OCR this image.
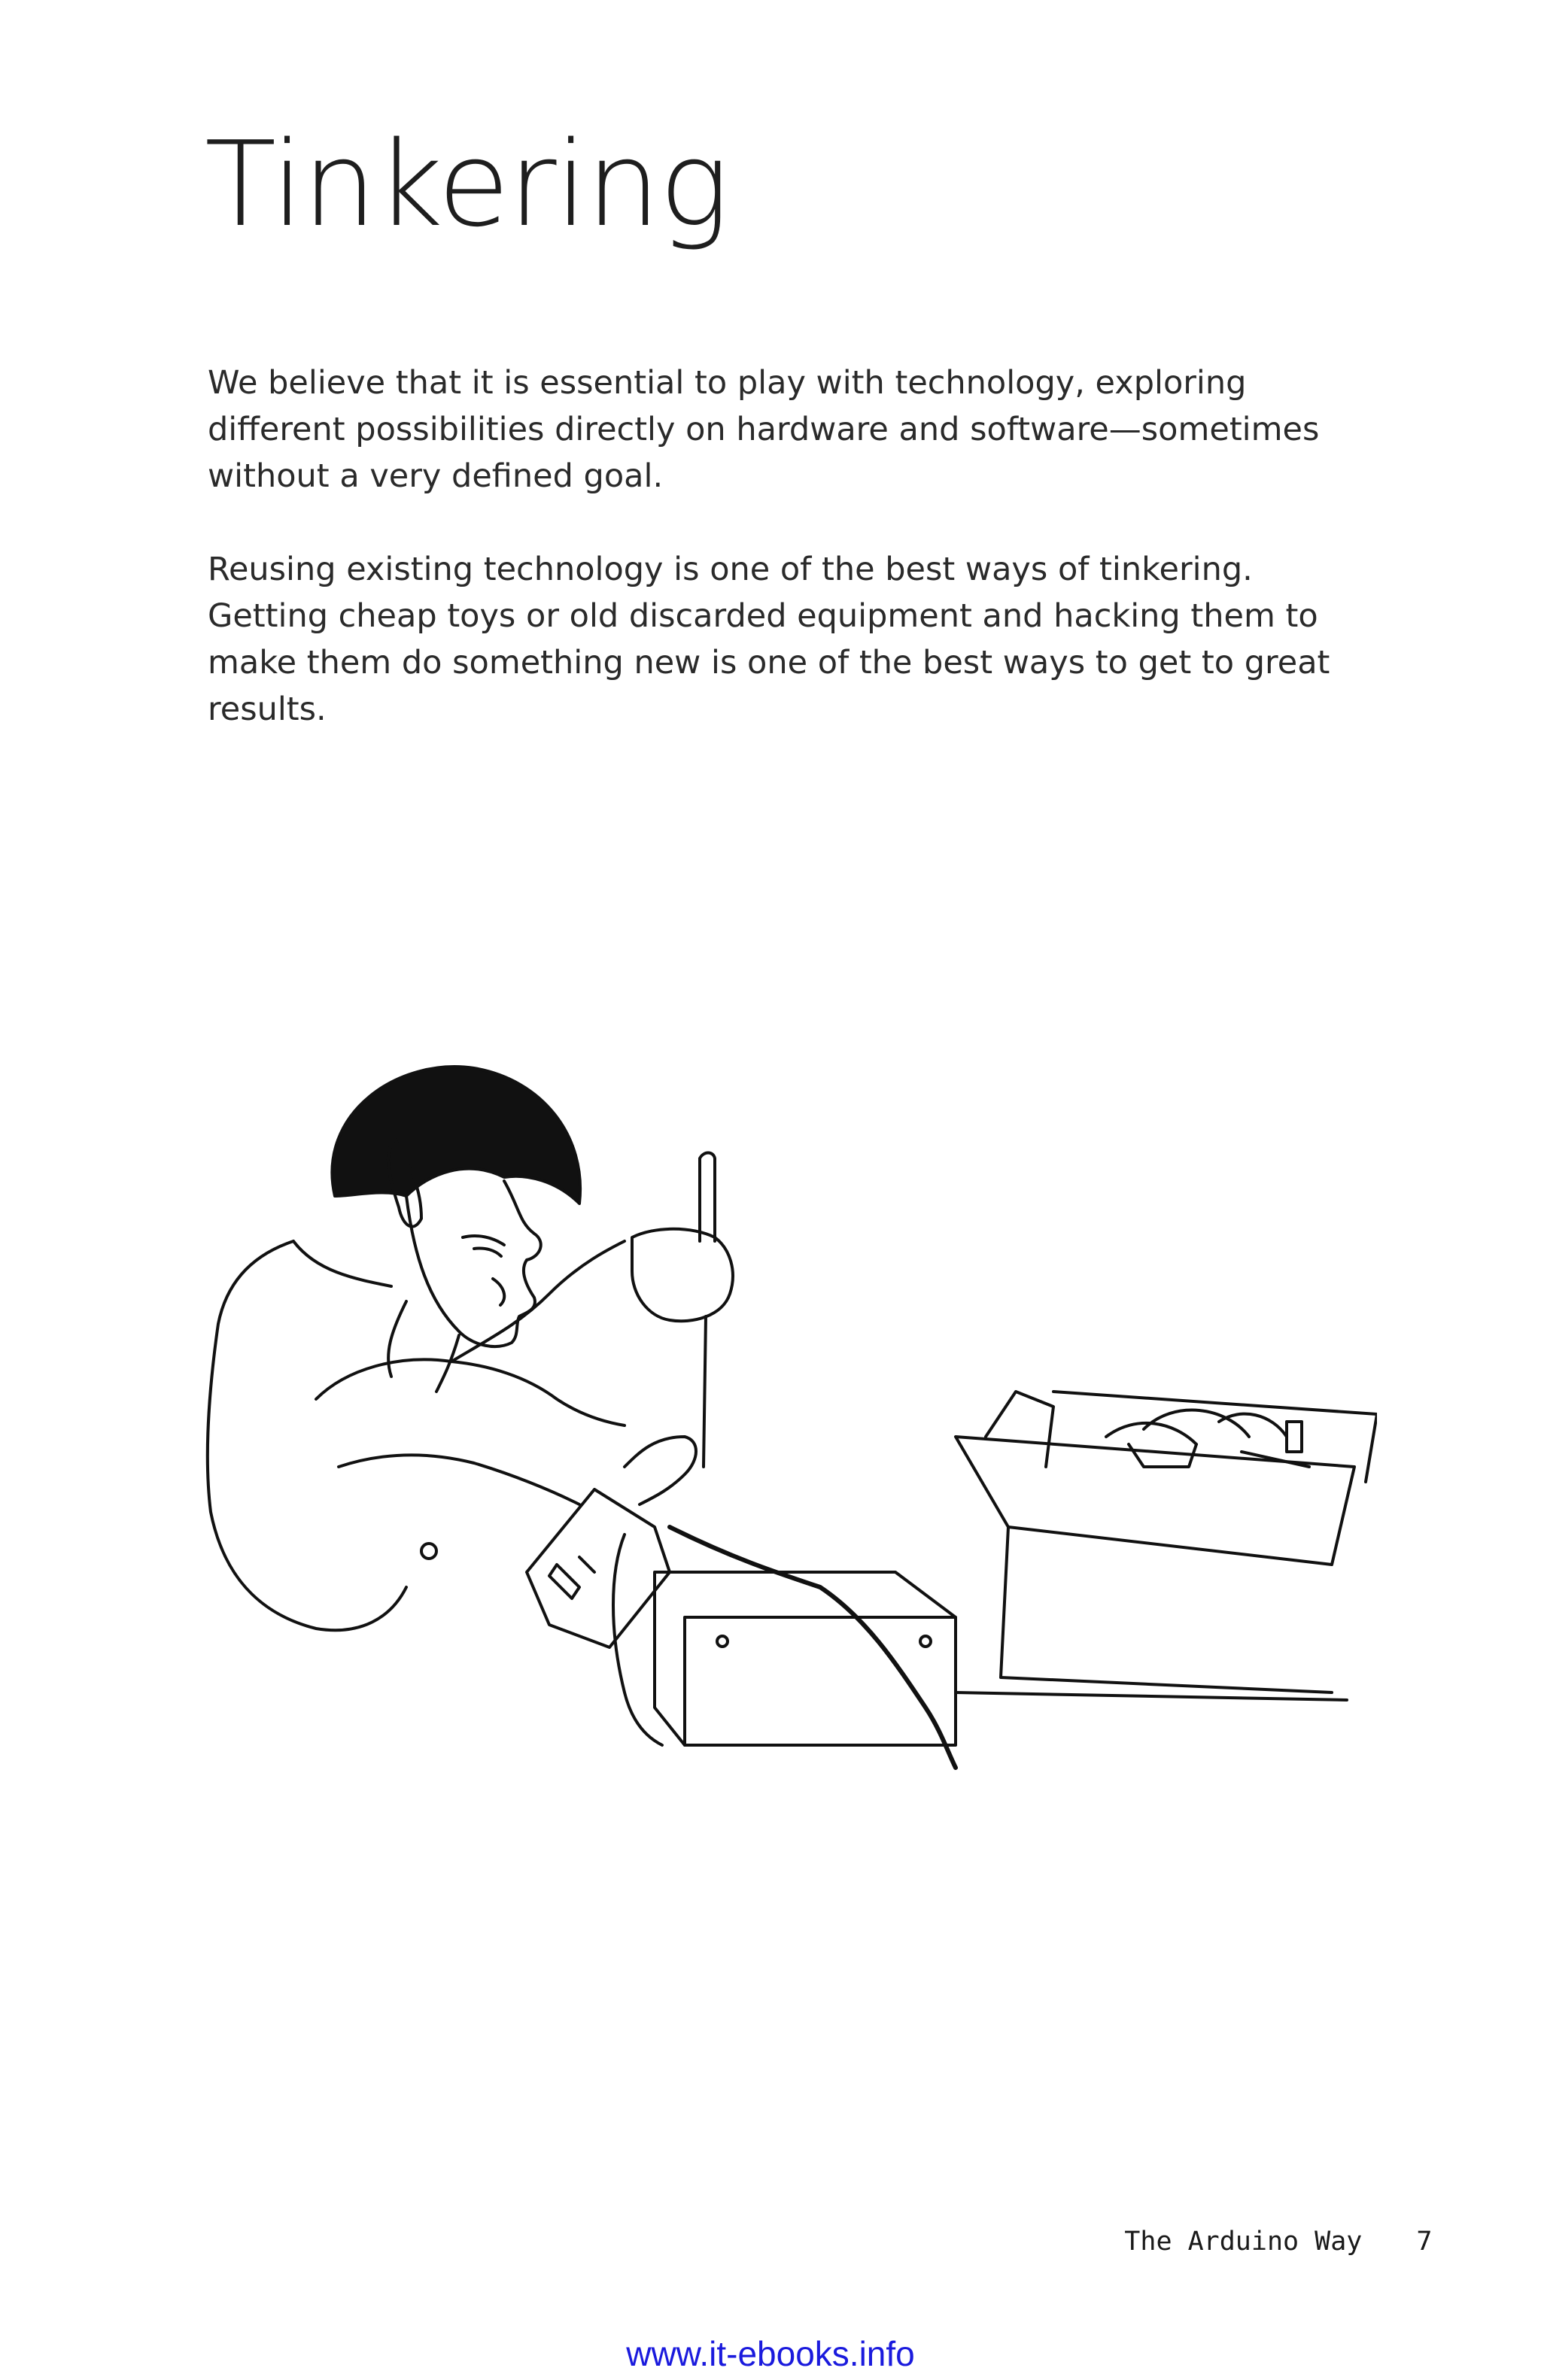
Tinkering

We believe that it is essential to play with technology, exploring different possibilities directly on hardware and software—sometimes without a very defined goal.

Reusing existing technology is one of the best ways of tinkering. Getting cheap toys or old discarded equipment and hacking them to make them do something new is one of the best ways to get to great results.

The Arduino Way 7

www.it-ebooks.info
